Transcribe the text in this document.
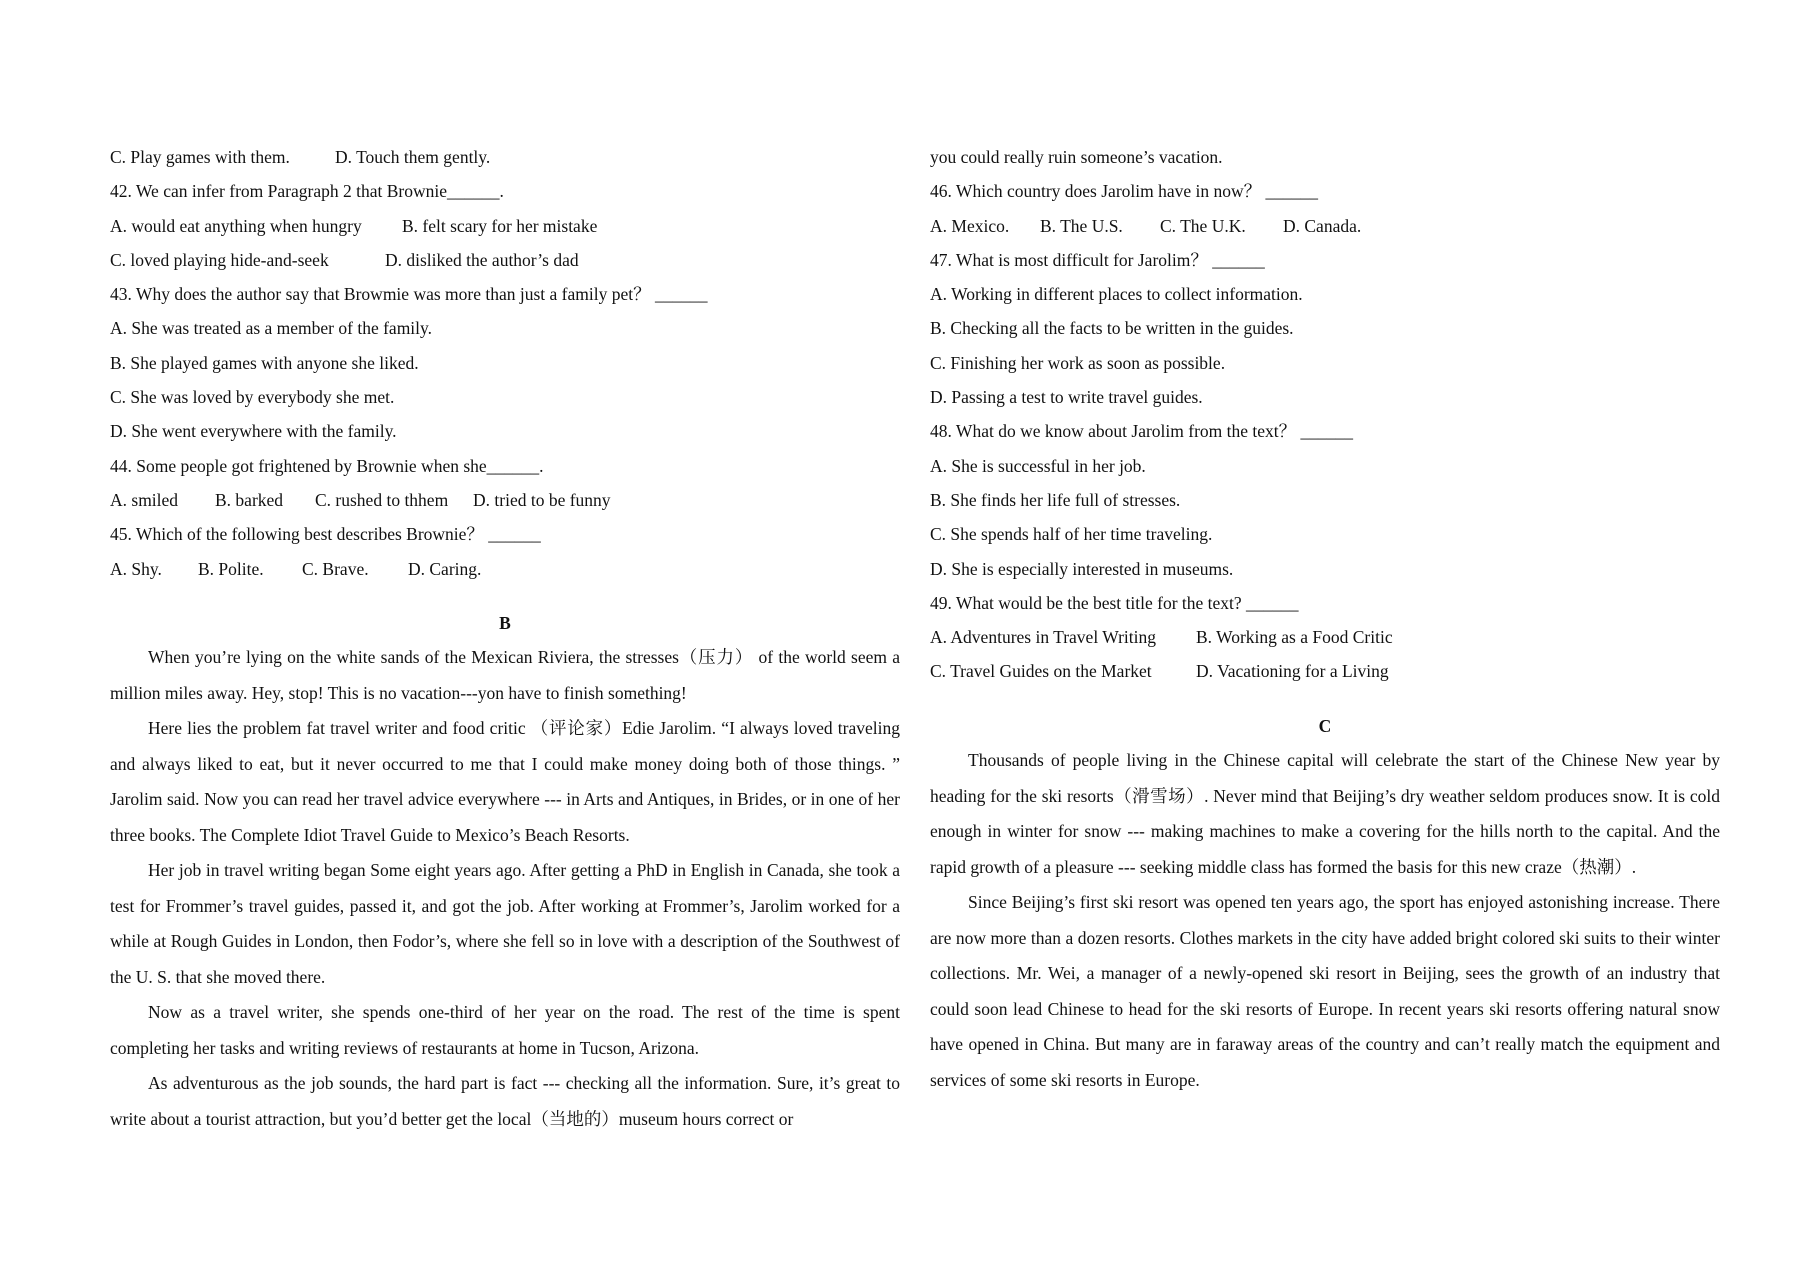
C. Play games with them.	D. Touch them gently.
42. We can infer from Paragraph 2 that Brownie______.
A. would eat anything when hungry B. felt scary for her mistake
C. loved playing hide-and-seek	D. disliked the author’s dad
43. Why does the author say that Browmie was more than just a family pet？ ______
A. She was treated as a member of the family.
B. She played games with anyone she liked.
C. She was loved by everybody she met.
D. She went everywhere with the family.
44. Some people got frightened by Brownie when she______.
A. smiled B. barked C. rushed to thhem D. tried to be funny
45. Which of the following best describes Brownie？ ______
A. Shy. B. Polite. C. Brave. D. Caring.
B

When you’re lying on the white sands of the Mexican Riviera, the stresses（压力） of the world seem a million miles away. Hey, stop! This is no vacation---yon have to finish something!

Here lies the problem fat travel writer and food critic （评论家）Edie Jarolim. “I always loved traveling and always liked to eat, but it never occurred to me that I could make money doing both of those things. ” Jarolim said. Now you can read her travel advice everywhere --- in Arts and Antiques, in Brides, or in one of her three books. The Complete Idiot Travel Guide to Mexico’s Beach Resorts.

Her job in travel writing began Some eight years ago. After getting a PhD in English in Canada, she took a test for Frommer’s travel guides, passed it, and got the job. After working at Frommer’s, Jarolim worked for a while at Rough Guides in London, then Fodor’s, where she fell so in love with a description of the Southwest of the U. S. that she moved there.

Now as a travel writer, she spends one-third of her year on the road. The rest of the time is spent completing her tasks and writing reviews of restaurants at home in Tucson, Arizona.

As adventurous as the job sounds, the hard part is fact --- checking all the information. Sure, it’s great to write about a tourist attraction, but you’d better get the local（当地的）museum hours correct or

you could really ruin someone’s vacation.
46. Which country does Jarolim have in now？ ______
A. Mexico. B. The U.S. C. The U.K. D. Canada.
47. What is most difficult for Jarolim？ ______
A. Working in different places to collect information.
B. Checking all the facts to be written in the guides.
C. Finishing her work as soon as possible.
D. Passing a test to write travel guides.
48. What do we know about Jarolim from the text？ ______
A. She is successful in her job.
B. She finds her life full of stresses.
C. She spends half of her time traveling.
D. She is especially interested in museums.
49. What would be the best title for the text? ______
A. Adventures in Travel Writing B. Working as a Food Critic
C. Travel Guides on the Market	D. Vacationing for a Living
C

Thousands of people living in the Chinese capital will celebrate the start of the Chinese New year by heading for the ski resorts（滑雪场）. Never mind that Beijing’s dry weather seldom produces snow. It is cold enough in winter for snow --- making machines to make a covering for the hills north to the capital. And the rapid growth of a pleasure --- seeking middle class has formed the basis for this new craze（热潮）.

Since Beijing’s first ski resort was opened ten years ago, the sport has enjoyed astonishing increase. There are now more than a dozen resorts. Clothes markets in the city have added bright colored ski suits to their winter collections. Mr. Wei, a manager of a newly-opened ski resort in Beijing, sees the growth of an industry that could soon lead Chinese to head for the ski resorts of Europe. In recent years ski resorts offering natural snow have opened in China. But many are in faraway areas of the country and can’t really match the equipment and services of some ski resorts in Europe.
